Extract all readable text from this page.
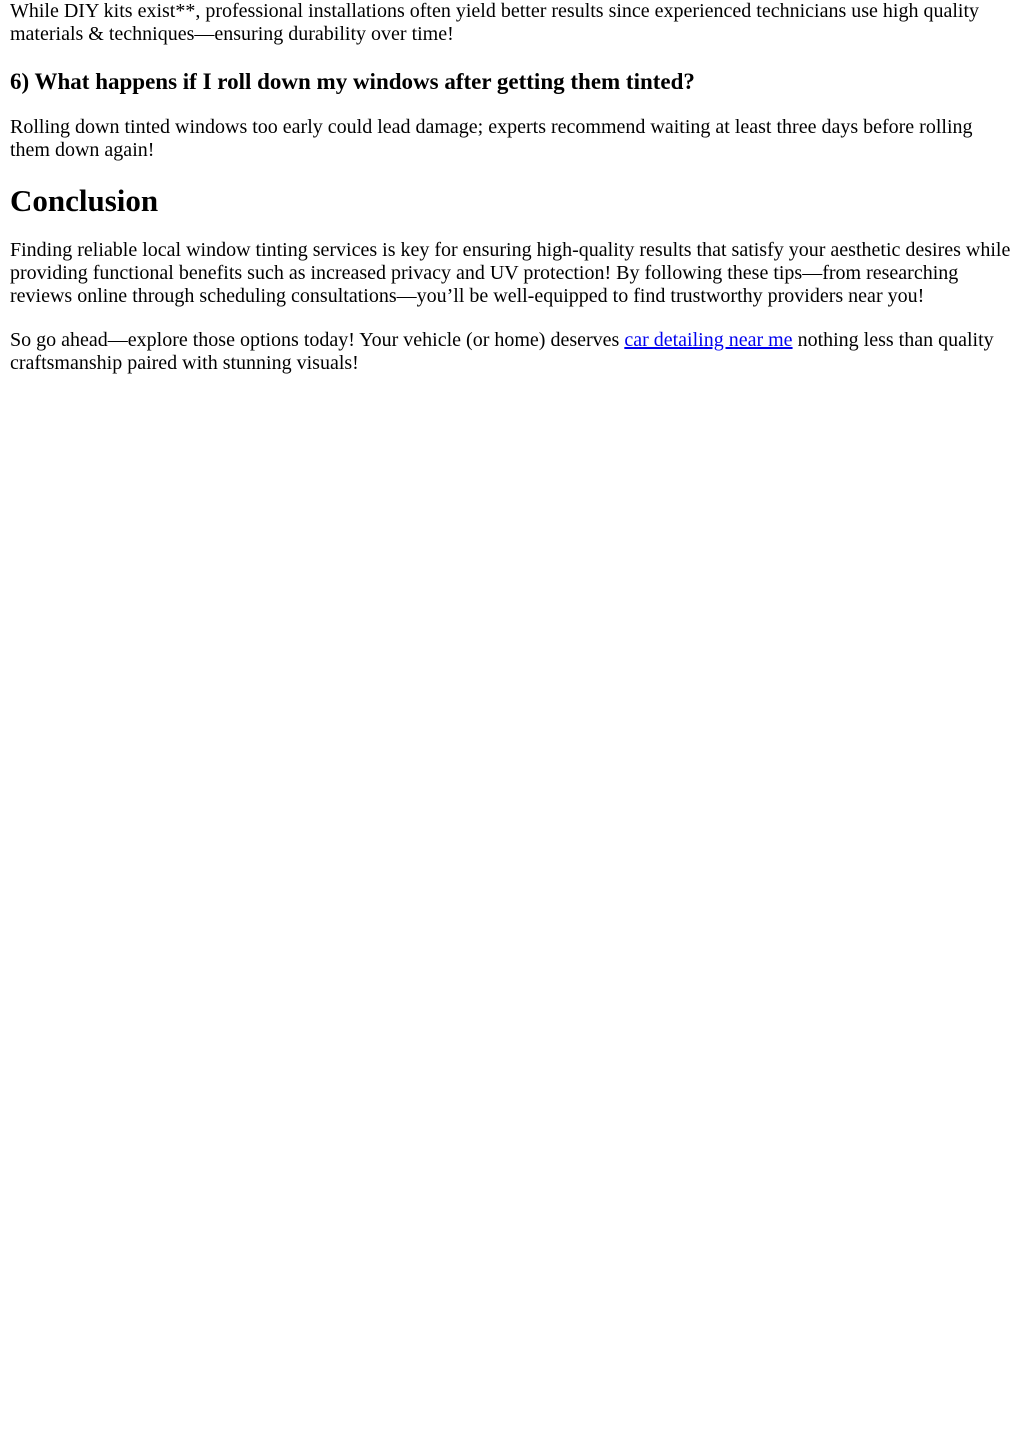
While DIY kits exist**, professional installations often yield better results since experienced technicians use high quality materials & techniques—ensuring durability over time!

6) What happens if I roll down my windows after getting them tinted?

Rolling down tinted windows too early could lead damage; experts recommend waiting at least three days before rolling them down again!

Conclusion

Finding reliable local window tinting services is key for ensuring high-quality results that satisfy your aesthetic desires while providing functional benefits such as increased privacy and UV protection! By following these tips—from researching reviews online through scheduling consultations—you’ll be well-equipped to find trustworthy providers near you!

So go ahead—explore those options today! Your vehicle (or home) deserves car detailing near me nothing less than quality craftsmanship paired with stunning visuals!
